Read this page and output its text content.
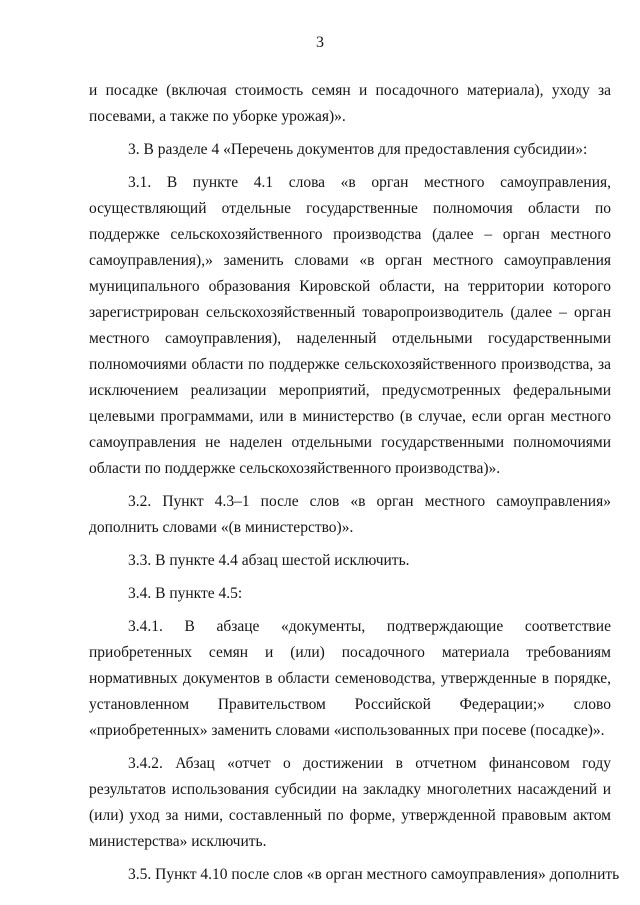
3
и посадке (включая стоимость семян и посадочного материала), уходу за
посевами, а также по уборке урожая)».
3. В разделе 4 «Перечень документов для предоставления субсидии»:
3.1. В пункте 4.1 слова «в орган местного самоуправления,
осуществляющий отдельные государственные полномочия области по
поддержке сельскохозяйственного производства (далее – орган местного
самоуправления),» заменить словами «в орган местного самоуправления
муниципального образования Кировской области, на территории которого
зарегистрирован сельскохозяйственный товаропроизводитель (далее – орган
местного самоуправления), наделенный отдельными государственными
полномочиями области по поддержке сельскохозяйственного производства, за
исключением реализации мероприятий, предусмотренных федеральными
целевыми программами, или в министерство (в случае, если орган местного
самоуправления не наделен отдельными государственными полномочиями
области по поддержке сельскохозяйственного производства)».
3.2. Пункт 4.3–1 после слов «в орган местного самоуправления»
дополнить словами «(в министерство)».
3.3. В пункте 4.4 абзац шестой исключить.
3.4. В пункте 4.5:
3.4.1. В абзаце «документы, подтверждающие соответствие
приобретенных семян и (или) посадочного материала требованиям
нормативных документов в области семеноводства, утвержденные в порядке,
установленном Правительством Российской Федерации;» слово
«приобретенных» заменить словами «использованных при посеве (посадке)».
3.4.2. Абзац «отчет о достижении в отчетном финансовом году
результатов использования субсидии на закладку многолетних насаждений и
(или) уход за ними, составленный по форме, утвержденной правовым актом
министерства» исключить.
3.5. Пункт 4.10 после слов «в орган местного самоуправления» дополнить
